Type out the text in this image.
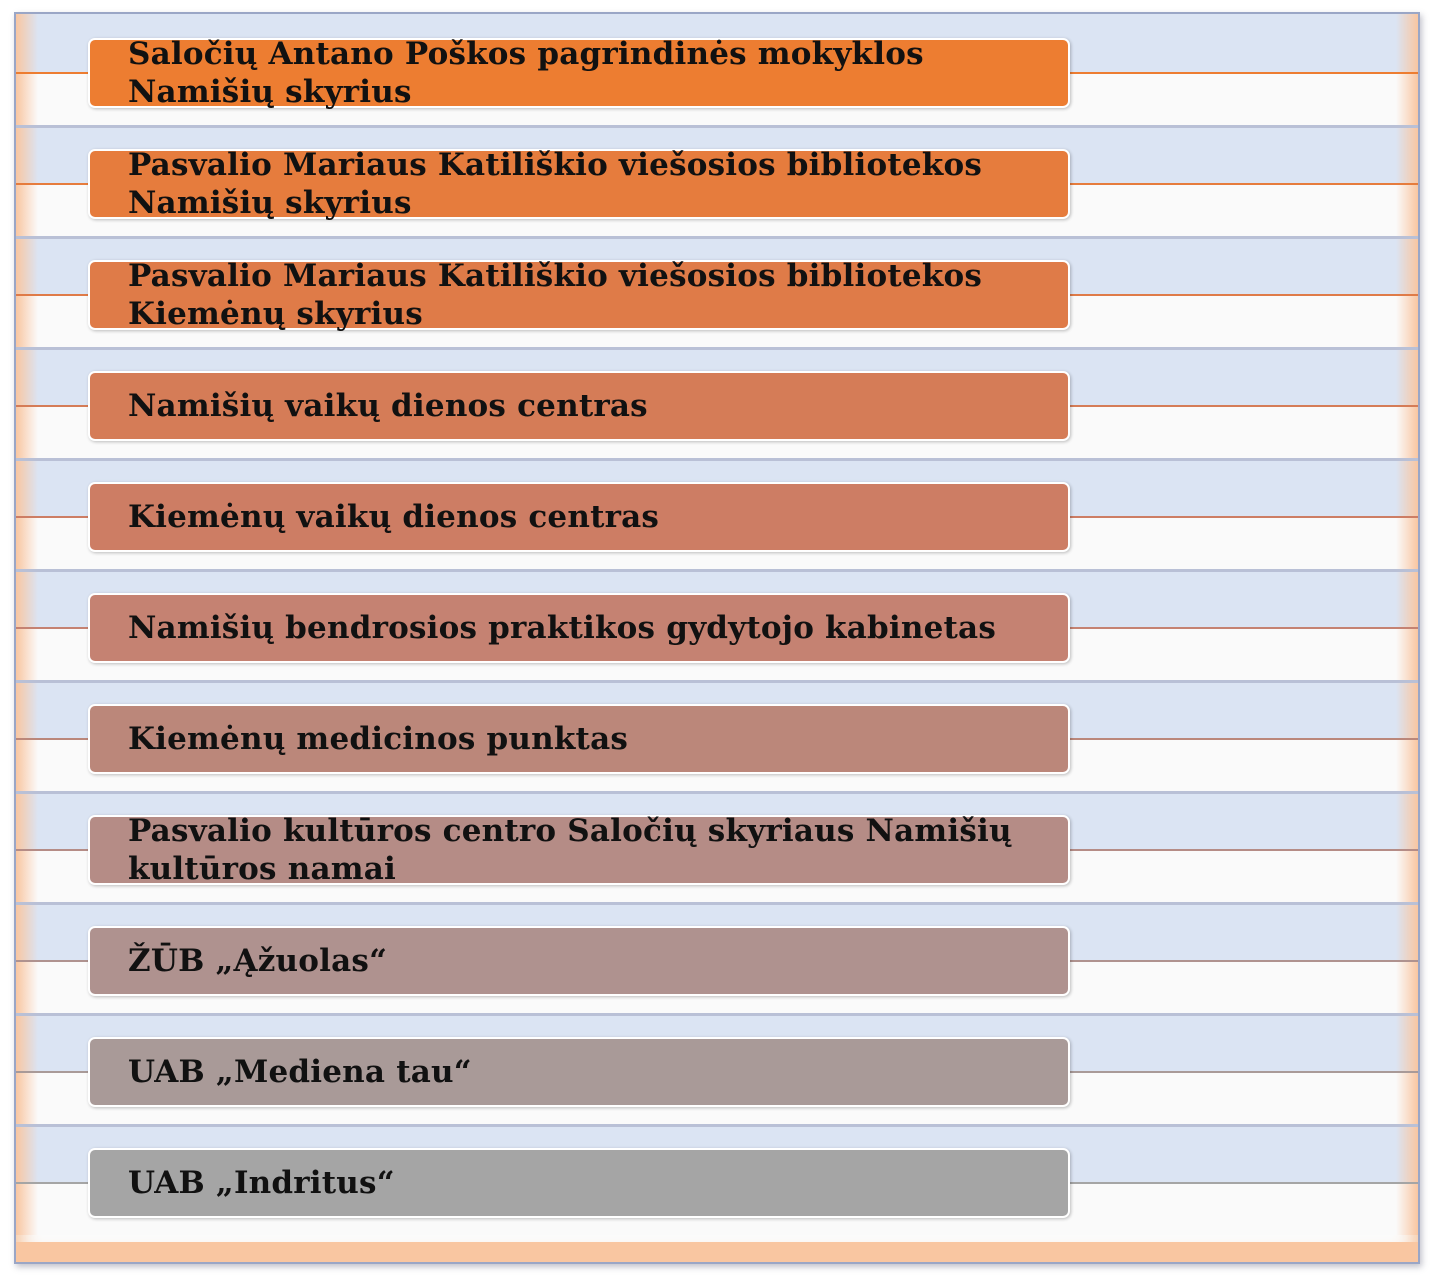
Saločių Antano Poškos pagrindinės mokyklos Namišių skyrius
Pasvalio Mariaus Katiliškio viešosios bibliotekos Namišių skyrius
Pasvalio Mariaus Katiliškio viešosios bibliotekos Kiemėnų skyrius
Namišių vaikų dienos centras
Kiemėnų vaikų dienos centras
Namišių bendrosios praktikos gydytojo kabinetas
Kiemėnų medicinos punktas
Pasvalio kultūros centro Saločių skyriaus Namišių kultūros namai
ŽŪB „Ąžuolas“
UAB „Mediena tau“
UAB „Indritus“
